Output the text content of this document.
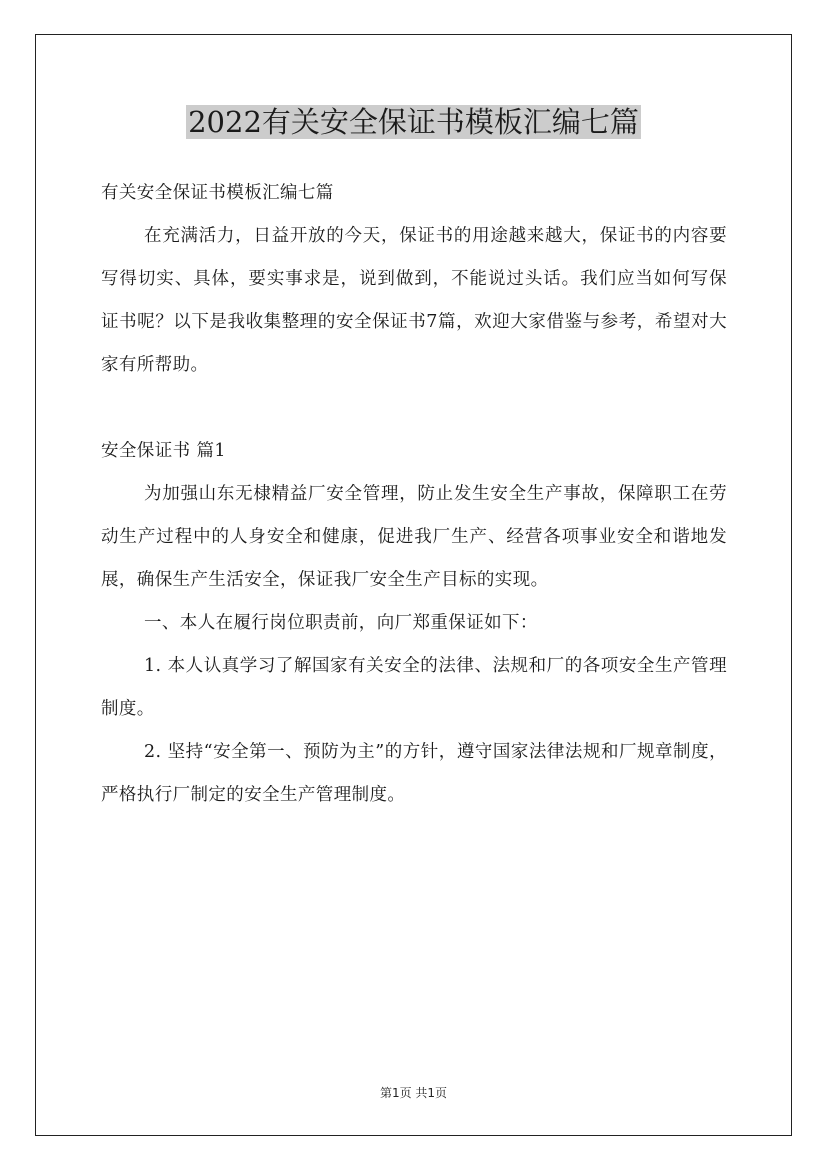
2022有关安全保证书模板汇编七篇

有关安全保证书模板汇编七篇

在充满活力，日益开放的今天，保证书的用途越来越大，保证书的内容要写得切实、具体，要实事求是，说到做到，不能说过头话。我们应当如何写保证书呢？以下是我收集整理的安全保证书7篇，欢迎大家借鉴与参考，希望对大家有所帮助。

安全保证书 篇1

为加强山东无棣精益厂安全管理，防止发生安全生产事故，保障职工在劳动生产过程中的人身安全和健康，促进我厂生产、经营各项事业安全和谐地发展，确保生产生活安全，保证我厂安全生产目标的实现。

一、本人在履行岗位职责前，向厂郑重保证如下：

1. 本人认真学习了解国家有关安全的法律、法规和厂的各项安全生产管理制度。

2. 坚持“安全第一、预防为主”的方针，遵守国家法律法规和厂规章制度，严格执行厂制定的安全生产管理制度。

第1页 共1页
